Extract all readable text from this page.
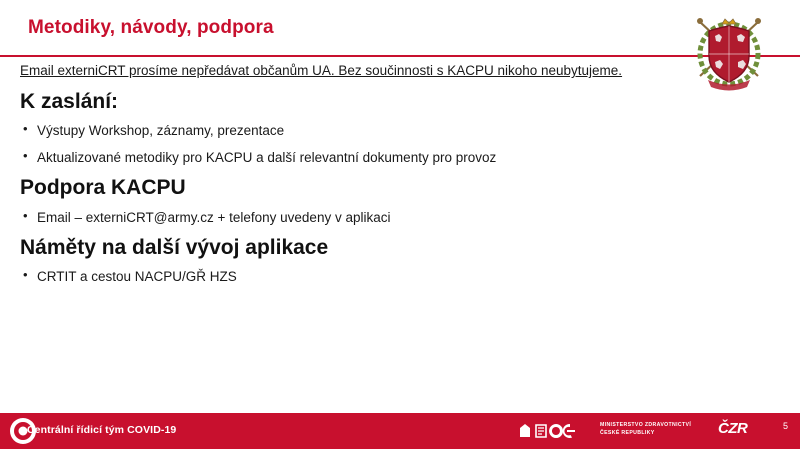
Metodiky, návody, podpora

Email externiCRT prosíme nepředávat občanům UA. Bez součinnosti s KACPU nikoho neubytujeme.

K zaslání:
• Výstupy Workshop, záznamy, prezentace
• Aktualizované metodiky pro KACPU a další relevantní dokumenty pro provoz
Podpora KACPU
• Email – externiCRT@army.cz + telefony uvedeny v aplikaci
Náměty na další vývoj aplikace
• CRTIT a cestou NACPU/GŘ HZS
Centrální řídicí tým COVID-19	MINISTERSTVO ZDRAVOTNICTVÍ
ČESKÉ REPUBLIKY	ČZR	5
